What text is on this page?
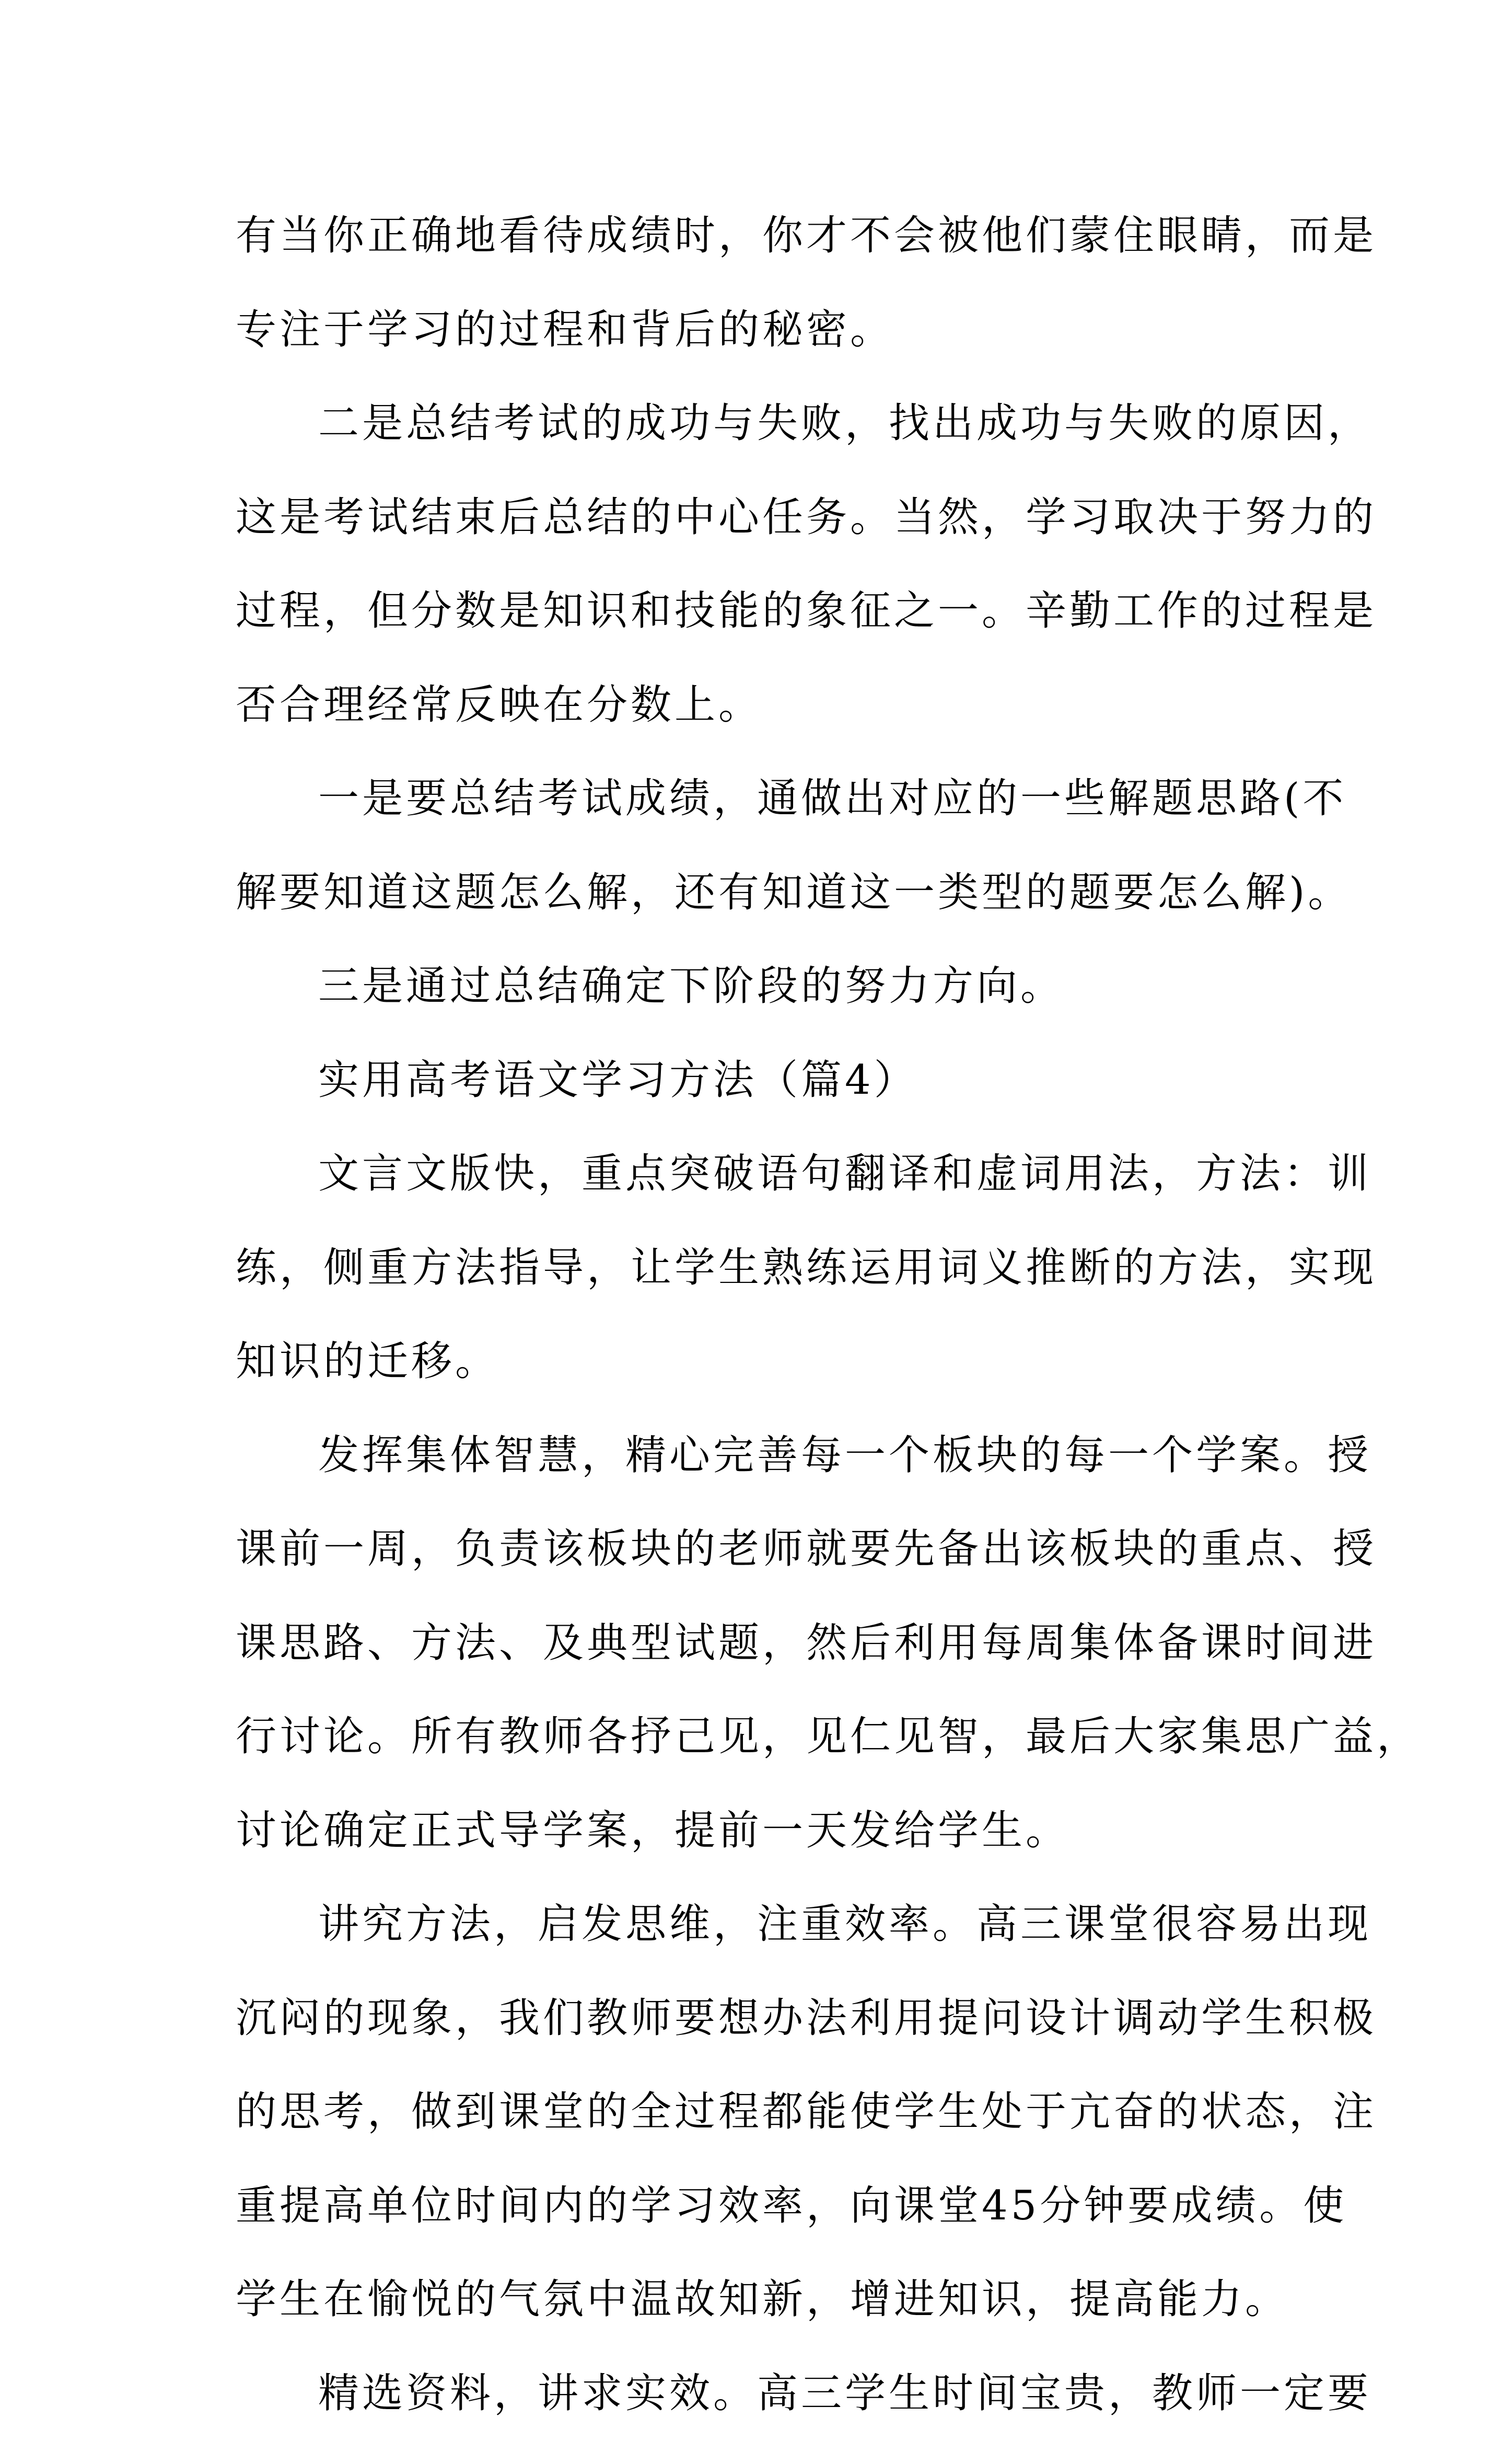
有当你正确地看待成绩时，你才不会被他们蒙住眼睛，而是
专注于学习的过程和背后的秘密。
二是总结考试的成功与失败，找出成功与失败的原因，
这是考试结束后总结的中心任务。当然，学习取决于努力的
过程，但分数是知识和技能的象征之一。辛勤工作的过程是
否合理经常反映在分数上。
一是要总结考试成绩，通做出对应的一些解题思路(不
解要知道这题怎么解，还有知道这一类型的题要怎么解)。
三是通过总结确定下阶段的努力方向。
实用高考语文学习方法（篇4）
文言文版快，重点突破语句翻译和虚词用法，方法：训
练，侧重方法指导，让学生熟练运用词义推断的方法，实现
知识的迁移。
发挥集体智慧，精心完善每一个板块的每一个学案。授
课前一周，负责该板块的老师就要先备出该板块的重点、授
课思路、方法、及典型试题，然后利用每周集体备课时间进
行讨论。所有教师各抒己见，见仁见智，最后大家集思广益，
讨论确定正式导学案，提前一天发给学生。
讲究方法，启发思维，注重效率。高三课堂很容易出现
沉闷的现象，我们教师要想办法利用提问设计调动学生积极
的思考，做到课堂的全过程都能使学生处于亢奋的状态，注
重提高单位时间内的学习效率，向课堂45分钟要成绩。使
学生在愉悦的气氛中温故知新，增进知识，提高能力。
精选资料，讲求实效。高三学生时间宝贵，教师一定要
